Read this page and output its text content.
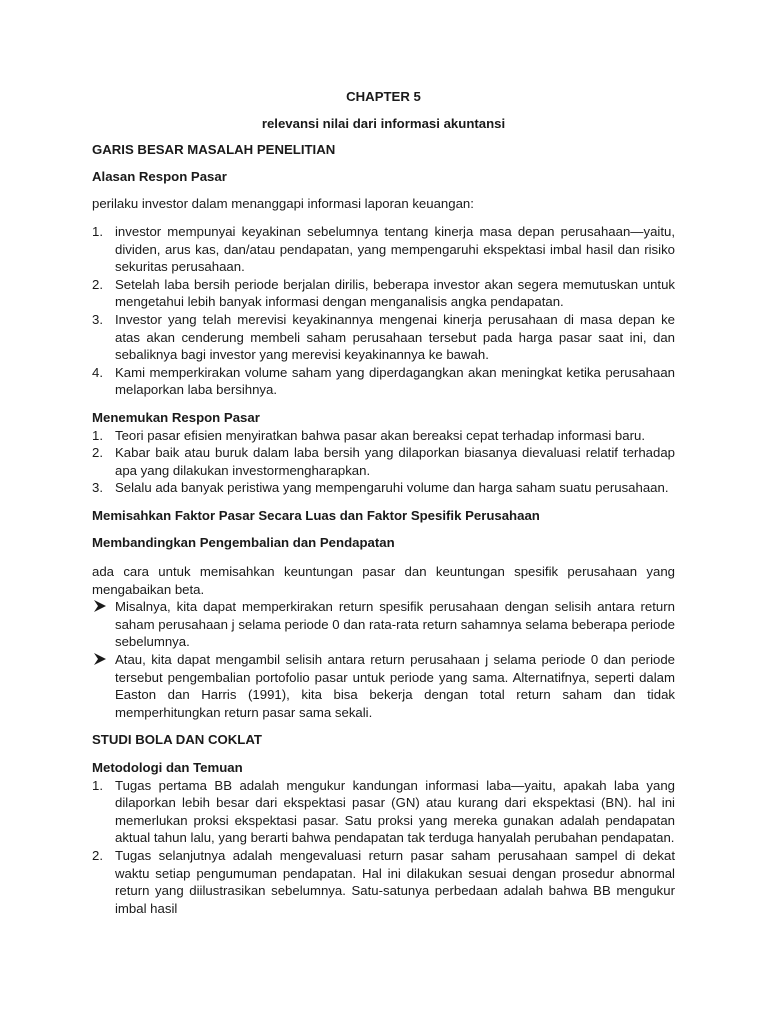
CHAPTER 5

relevansi nilai dari informasi akuntansi

GARIS BESAR MASALAH PENELITIAN

Alasan Respon Pasar

perilaku investor dalam menanggapi informasi laporan keuangan:

1. investor mempunyai keyakinan sebelumnya tentang kinerja masa depan perusahaan—yaitu, dividen, arus kas, dan/atau pendapatan, yang mempengaruhi ekspektasi imbal hasil dan risiko sekuritas perusahaan.
2. Setelah laba bersih periode berjalan dirilis, beberapa investor akan segera memutuskan untuk mengetahui lebih banyak informasi dengan menganalisis angka pendapatan.
3. Investor yang telah merevisi keyakinannya mengenai kinerja perusahaan di masa depan ke atas akan cenderung membeli saham perusahaan tersebut pada harga pasar saat ini, dan sebaliknya bagi investor yang merevisi keyakinannya ke bawah.
4. Kami memperkirakan volume saham yang diperdagangkan akan meningkat ketika perusahaan melaporkan laba bersihnya.

Menemukan Respon Pasar

1. Teori pasar efisien menyiratkan bahwa pasar akan bereaksi cepat terhadap informasi baru.
2. Kabar baik atau buruk dalam laba bersih yang dilaporkan biasanya dievaluasi relatif terhadap apa yang dilakukan investormengharapkan.
3. Selalu ada banyak peristiwa yang mempengaruhi volume dan harga saham suatu perusahaan.

Memisahkan Faktor Pasar Secara Luas dan Faktor Spesifik Perusahaan

Membandingkan Pengembalian dan Pendapatan

ada cara untuk memisahkan keuntungan pasar dan keuntungan spesifik perusahaan yang mengabaikan beta.

Misalnya, kita dapat memperkirakan return spesifik perusahaan dengan selisih antara return saham perusahaan j selama periode 0 dan rata-rata return sahamnya selama beberapa periode sebelumnya.
Atau, kita dapat mengambil selisih antara return perusahaan j selama periode 0 dan periode tersebut pengembalian portofolio pasar untuk periode yang sama. Alternatifnya, seperti dalam Easton dan Harris (1991), kita bisa bekerja dengan total return saham dan tidak memperhitungkan return pasar sama sekali.

STUDI BOLA DAN COKLAT

Metodologi dan Temuan

1. Tugas pertama BB adalah mengukur kandungan informasi laba—yaitu, apakah laba yang dilaporkan lebih besar dari ekspektasi pasar (GN) atau kurang dari ekspektasi (BN). hal ini memerlukan proksi ekspektasi pasar. Satu proksi yang mereka gunakan adalah pendapatan aktual tahun lalu, yang berarti bahwa pendapatan tak terduga hanyalah perubahan pendapatan.
2. Tugas selanjutnya adalah mengevaluasi return pasar saham perusahaan sampel di dekat waktu setiap pengumuman pendapatan. Hal ini dilakukan sesuai dengan prosedur abnormal return yang diilustrasikan sebelumnya. Satu-satunya perbedaan adalah bahwa BB mengukur imbal hasil
